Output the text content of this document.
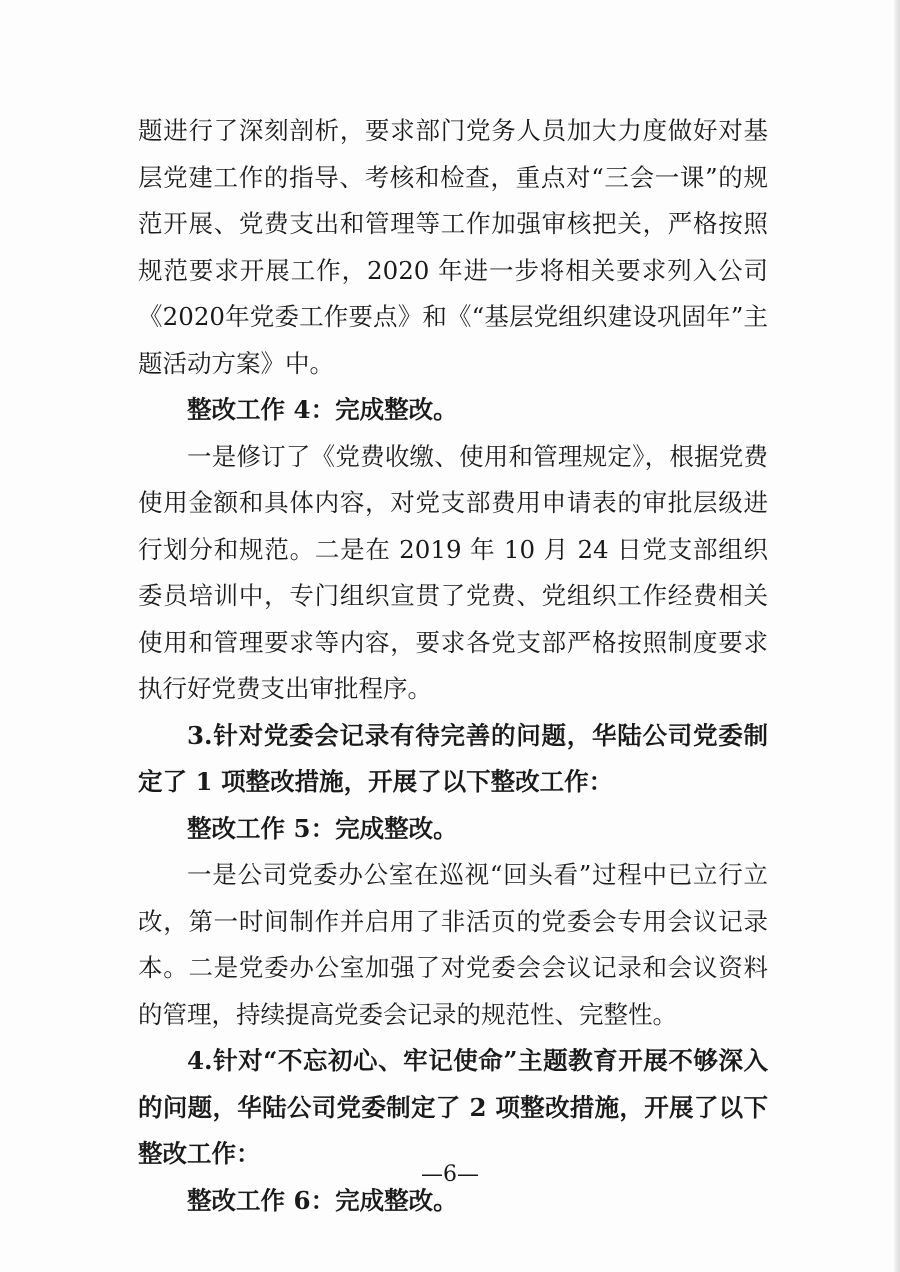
题进行了深刻剖析，要求部门党务人员加大力度做好对基层党建工作的指导、考核和检查，重点对“三会一课”的规范开展、党费支出和管理等工作加强审核把关，严格按照规范要求开展工作，2020 年进一步将相关要求列入公司《2020年党委工作要点》和《“基层党组织建设巩固年”主题活动方案》中。

整改工作 4：完成整改。

一是修订了《党费收缴、使用和管理规定》，根据党费使用金额和具体内容，对党支部费用申请表的审批层级进行划分和规范。二是在 2019 年 10 月 24 日党支部组织委员培训中，专门组织宣贯了党费、党组织工作经费相关使用和管理要求等内容，要求各党支部严格按照制度要求执行好党费支出审批程序。

3.针对党委会记录有待完善的问题，华陆公司党委制定了 1 项整改措施，开展了以下整改工作：

整改工作 5：完成整改。

一是公司党委办公室在巡视“回头看”过程中已立行立改，第一时间制作并启用了非活页的党委会专用会议记录本。二是党委办公室加强了对党委会会议记录和会议资料的管理，持续提高党委会记录的规范性、完整性。

4.针对“不忘初心、牢记使命”主题教育开展不够深入的问题，华陆公司党委制定了 2 项整改措施，开展了以下整改工作：

整改工作 6：完成整改。

—6—
